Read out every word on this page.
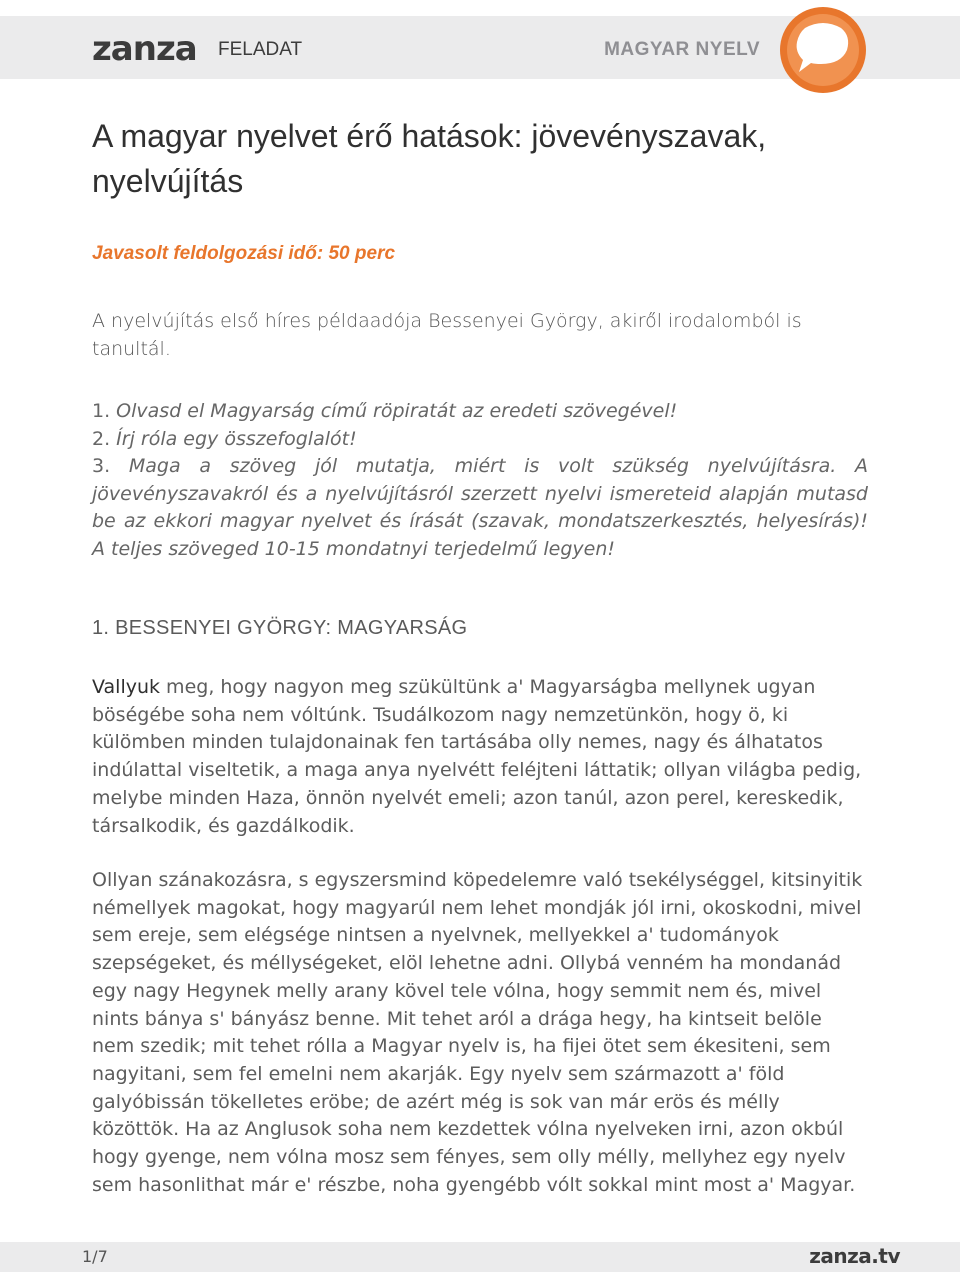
zanza FELADAT	MAGYAR NYELV
A magyar nyelvet érő hatások: jövevényszavak, nyelvújítás
Javasolt feldolgozási idő: 50 perc
A nyelvújítás első híres példaadója Bessenyei György, akiről irodalomból is tanultál.
1. Olvasd el Magyarság című röpiratát az eredeti szövegével!
2. Írj róla egy összefoglalót!
3. Maga a szöveg jól mutatja, miért is volt szükség nyelvújításra. A jövevényszavakról és a nyelvújításról szerzett nyelvi ismereteid alapján mutasd be az ekkori magyar nyelvet és írását (szavak, mondatszerkesztés, helyesírás)! A teljes szöveged 10-15 mondatnyi terjedelmű legyen!
1. BESSENYEI GYÖRGY: MAGYARSÁG
Vallyuk meg, hogy nagyon meg szükültünk a' Magyarságba mellynek ugyan böségébe soha nem vóltúnk. Tsudálkozom nagy nemzetünkön, hogy ö, ki külömben minden tulajdonainak fen tartásába olly nemes, nagy és álhatatos indúlattal viseltetik, a maga anya nyelvétt feléjteni láttatik; ollyan világba pedig, melybe minden Haza, önnön nyelvét emeli; azon tanúl, azon perel, kereskedik, társalkodik, és gazdálkodik.
Ollyan szánakozásra, s egyszersmind köpedelemre való tsekélységgel, kitsinyitik némellyek magokat, hogy magyarúl nem lehet mondják jól irni, okoskodni, mivel sem ereje, sem elégsége nintsen a nyelvnek, mellyekkel a' tudományok szepségeket, és méllységeket, elöl lehetne adni. Ollybá venném ha mondanád egy nagy Hegynek melly arany kövel tele vólna, hogy semmit nem és, mivel nints bánya s' bányász benne. Mit tehet aról a drága hegy, ha kintseit belöle nem szedik; mit tehet rólla a Magyar nyelv is, ha fijei ötet sem ékesiteni, sem nagyitani, sem fel emelni nem akarják. Egy nyelv sem származott a' föld galyóbissán tökelletes eröbe; de azért még is sok van már erös és mélly közöttök. Ha az Anglusok soha nem kezdettek vólna nyelveken irni, azon okbúl hogy gyenge, nem vólna mosz sem fényes, sem olly mélly, mellyhez egy nyelv sem hasonlithat már e' részbe, noha gyengébb vólt sokkal mint most a' Magyar.
1/7	zanza.tv
